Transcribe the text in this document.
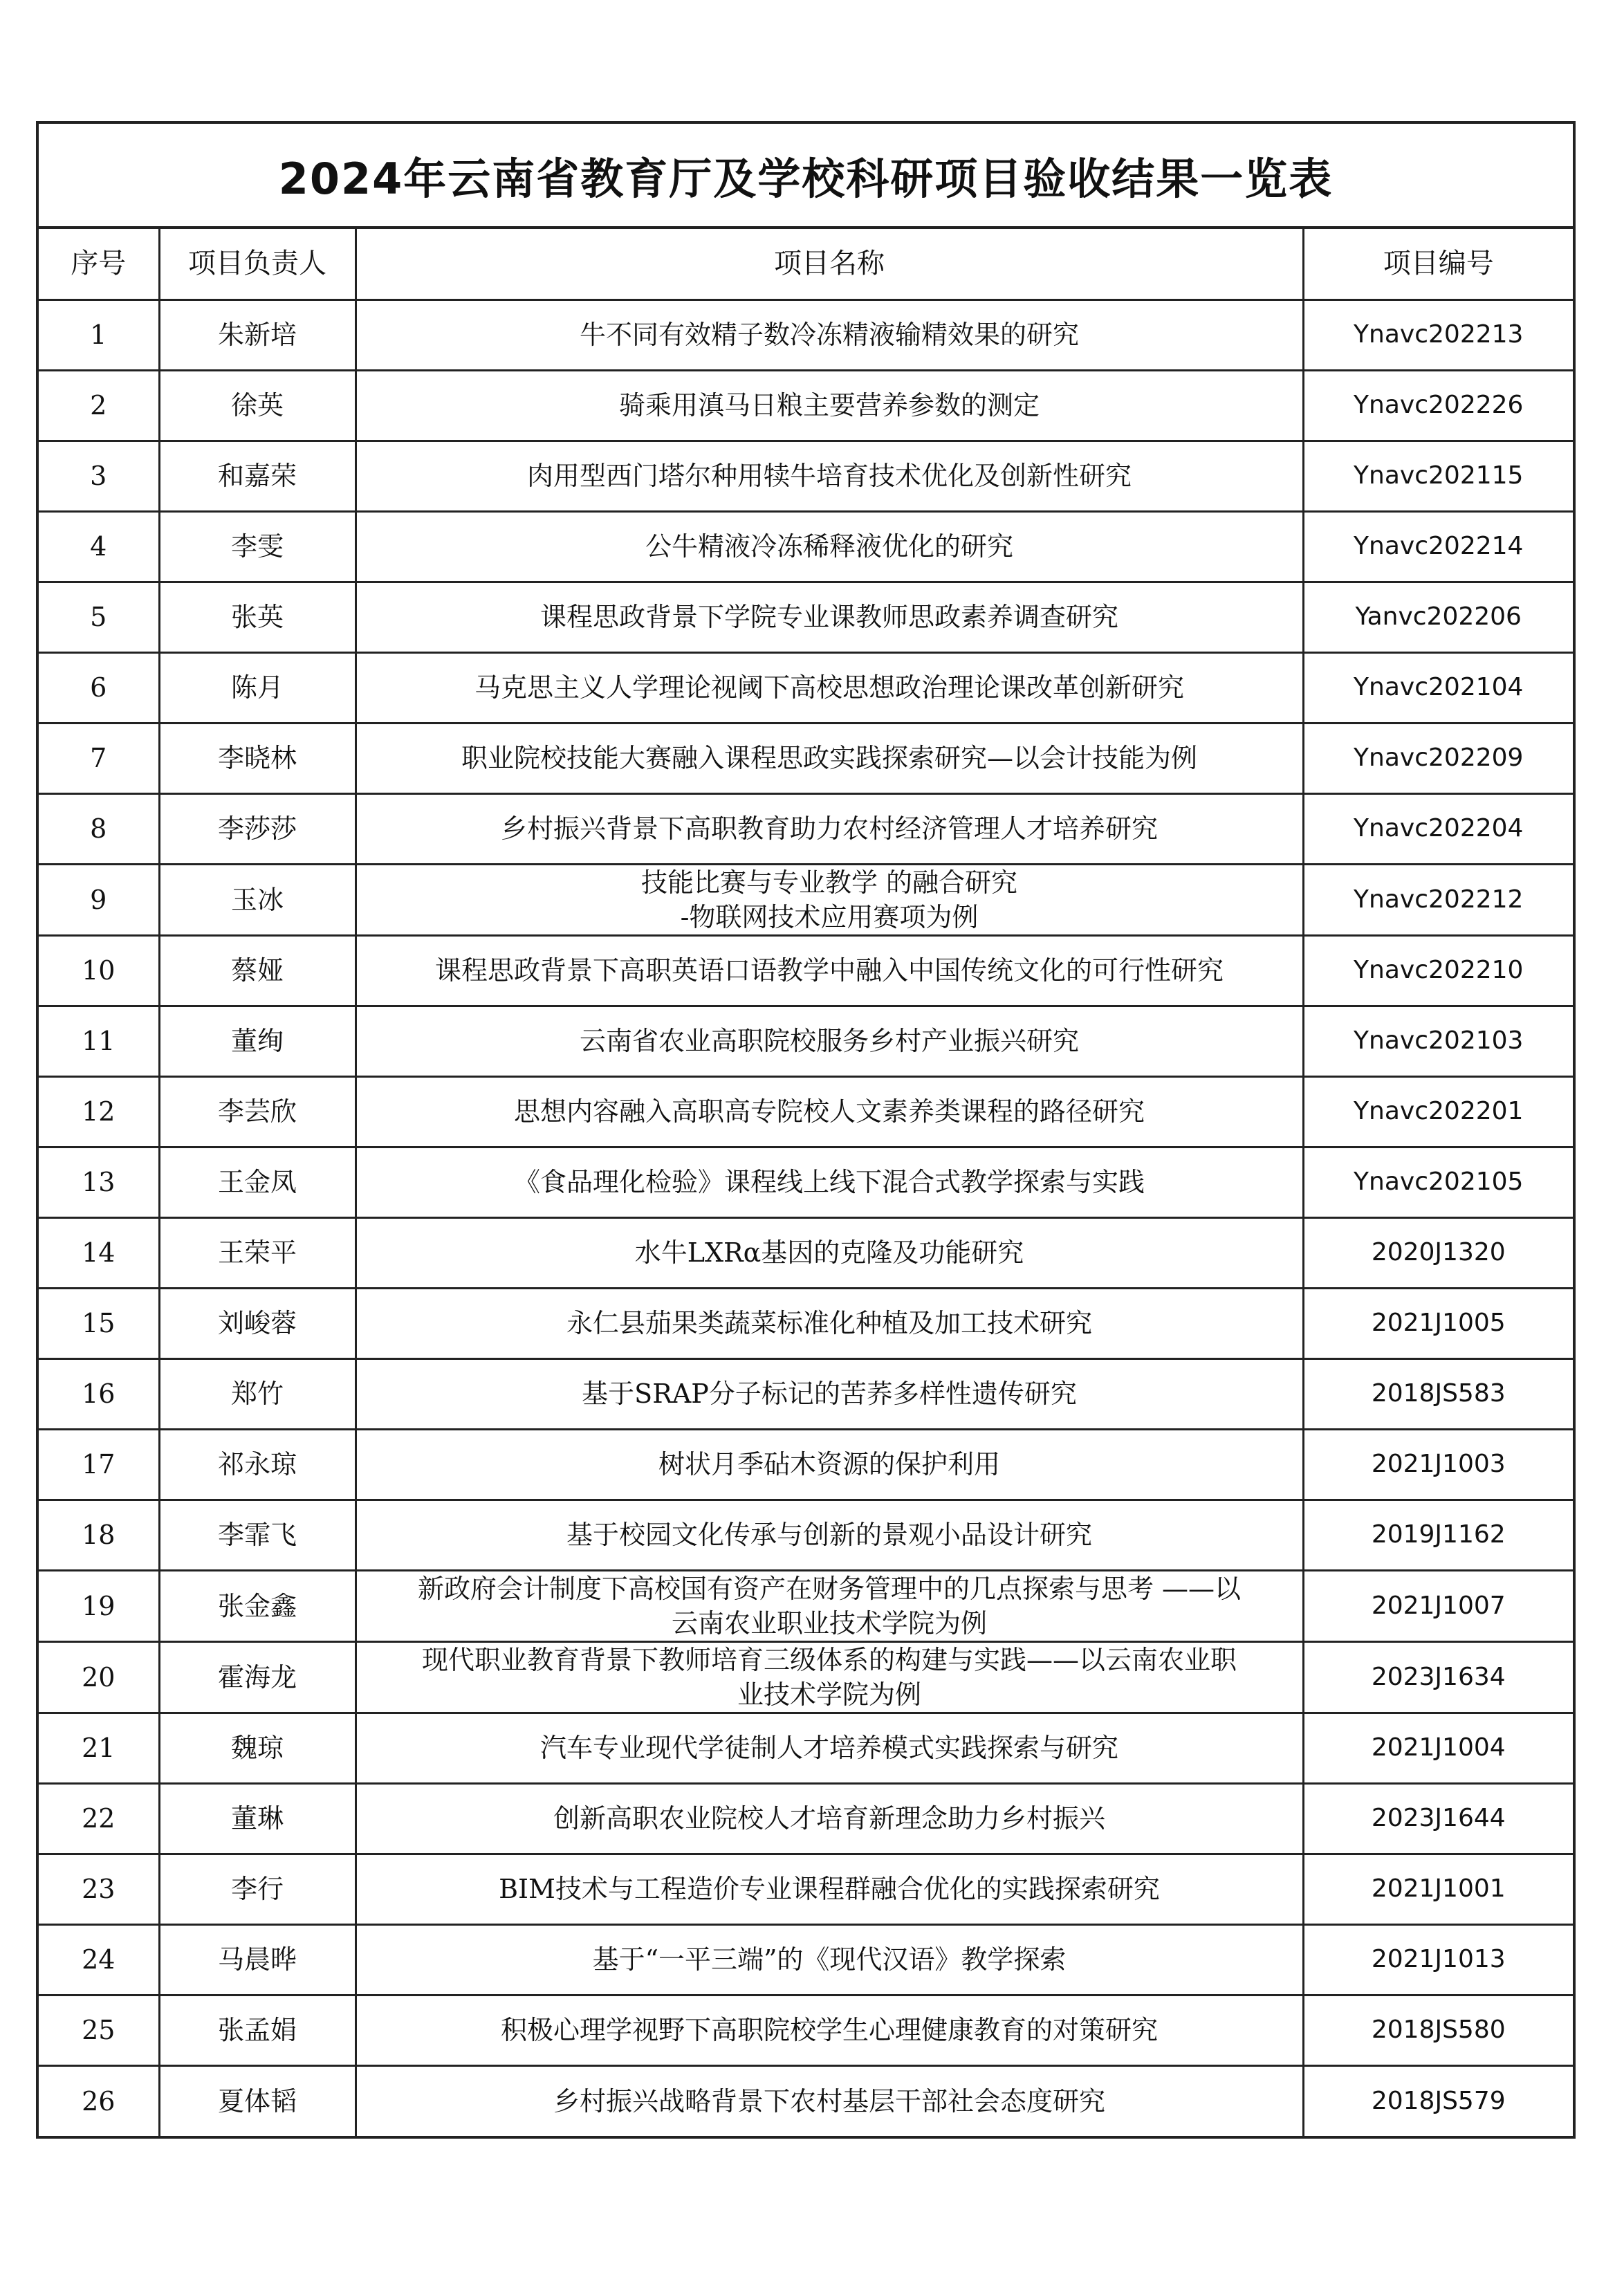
2024年云南省教育厅及学校科研项目验收结果一览表
序号	项目负责人	项目名称	项目编号
1	朱新培	牛不同有效精子数冷冻精液输精效果的研究	Ynavc202213
2	徐英	骑乘用滇马日粮主要营养参数的测定	Ynavc202226
3	和嘉荣	肉用型西门塔尔种用犊牛培育技术优化及创新性研究	Ynavc202115
4	李雯	公牛精液冷冻稀释液优化的研究	Ynavc202214
5	张英	课程思政背景下学院专业课教师思政素养调查研究	Yanvc202206
6	陈月	马克思主义人学理论视阈下高校思想政治理论课改革创新研究	Ynavc202104
7	李晓林	职业院校技能大赛融入课程思政实践探索研究—以会计技能为例	Ynavc202209
8	李莎莎	乡村振兴背景下高职教育助力农村经济管理人才培养研究	Ynavc202204
9	玉冰	技能比赛与专业教学 的融合研究
-物联网技术应用赛项为例	Ynavc202212
10	蔡娅	课程思政背景下高职英语口语教学中融入中国传统文化的可行性研究	Ynavc202210
11	董绚	云南省农业高职院校服务乡村产业振兴研究	Ynavc202103
12	李芸欣	思想内容融入高职高专院校人文素养类课程的路径研究	Ynavc202201
13	王金凤	《食品理化检验》课程线上线下混合式教学探索与实践	Ynavc202105
14	王荣平	水牛LXRα基因的克隆及功能研究	2020J1320
15	刘峻蓉	永仁县茄果类蔬菜标准化种植及加工技术研究	2021J1005
16	郑竹	基于SRAP分子标记的苦荞多样性遗传研究	2018JS583
17	祁永琼	树状月季砧木资源的保护利用	2021J1003
18	李霏飞	基于校园文化传承与创新的景观小品设计研究	2019J1162
19	张金鑫	新政府会计制度下高校国有资产在财务管理中的几点探索与思考 ——以
云南农业职业技术学院为例	2021J1007
20	霍海龙	现代职业教育背景下教师培育三级体系的构建与实践——以云南农业职
业技术学院为例	2023J1634
21	魏琼	汽车专业现代学徒制人才培养模式实践探索与研究	2021J1004
22	董琳	创新高职农业院校人才培育新理念助力乡村振兴	2023J1644
23	李行	BIM技术与工程造价专业课程群融合优化的实践探索研究	2021J1001
24	马晨晔	基于“一平三端”的《现代汉语》教学探索	2021J1013
25	张孟娟	积极心理学视野下高职院校学生心理健康教育的对策研究	2018JS580
26	夏体韬	乡村振兴战略背景下农村基层干部社会态度研究	2018JS579
